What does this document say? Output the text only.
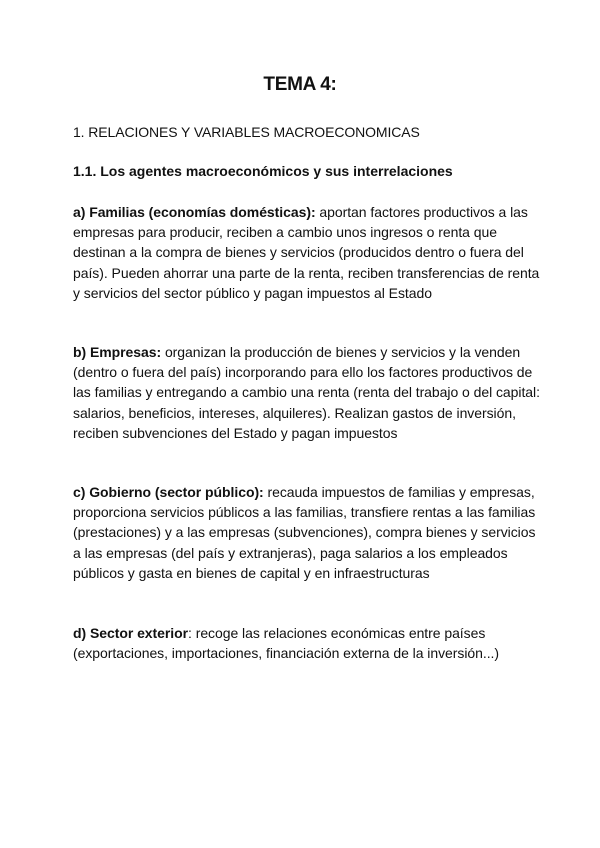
TEMA 4:
1. RELACIONES Y VARIABLES MACROECONOMICAS
1.1. Los agentes macroeconómicos y sus interrelaciones

a) Familias (economías domésticas): aportan factores productivos a las empresas para producir, reciben a cambio unos ingresos o renta que destinan a la compra de bienes y servicios (producidos dentro o fuera del país). Pueden ahorrar una parte de la renta, reciben transferencias de renta y servicios del sector público y pagan impuestos al Estado

b) Empresas: organizan la producción de bienes y servicios y la venden (dentro o fuera del país) incorporando para ello los factores productivos de las familias y entregando a cambio una renta (renta del trabajo o del capital: salarios, beneficios, intereses, alquileres). Realizan gastos de inversión, reciben subvenciones del Estado y pagan impuestos

c) Gobierno (sector público): recauda impuestos de familias y empresas, proporciona servicios públicos a las familias, transfiere rentas a las familias (prestaciones) y a las empresas (subvenciones), compra bienes y servicios a las empresas (del país y extranjeras), paga salarios a los empleados públicos y gasta en bienes de capital y en infraestructuras

d) Sector exterior: recoge las relaciones económicas entre países (exportaciones, importaciones, financiación externa de la inversión...)
